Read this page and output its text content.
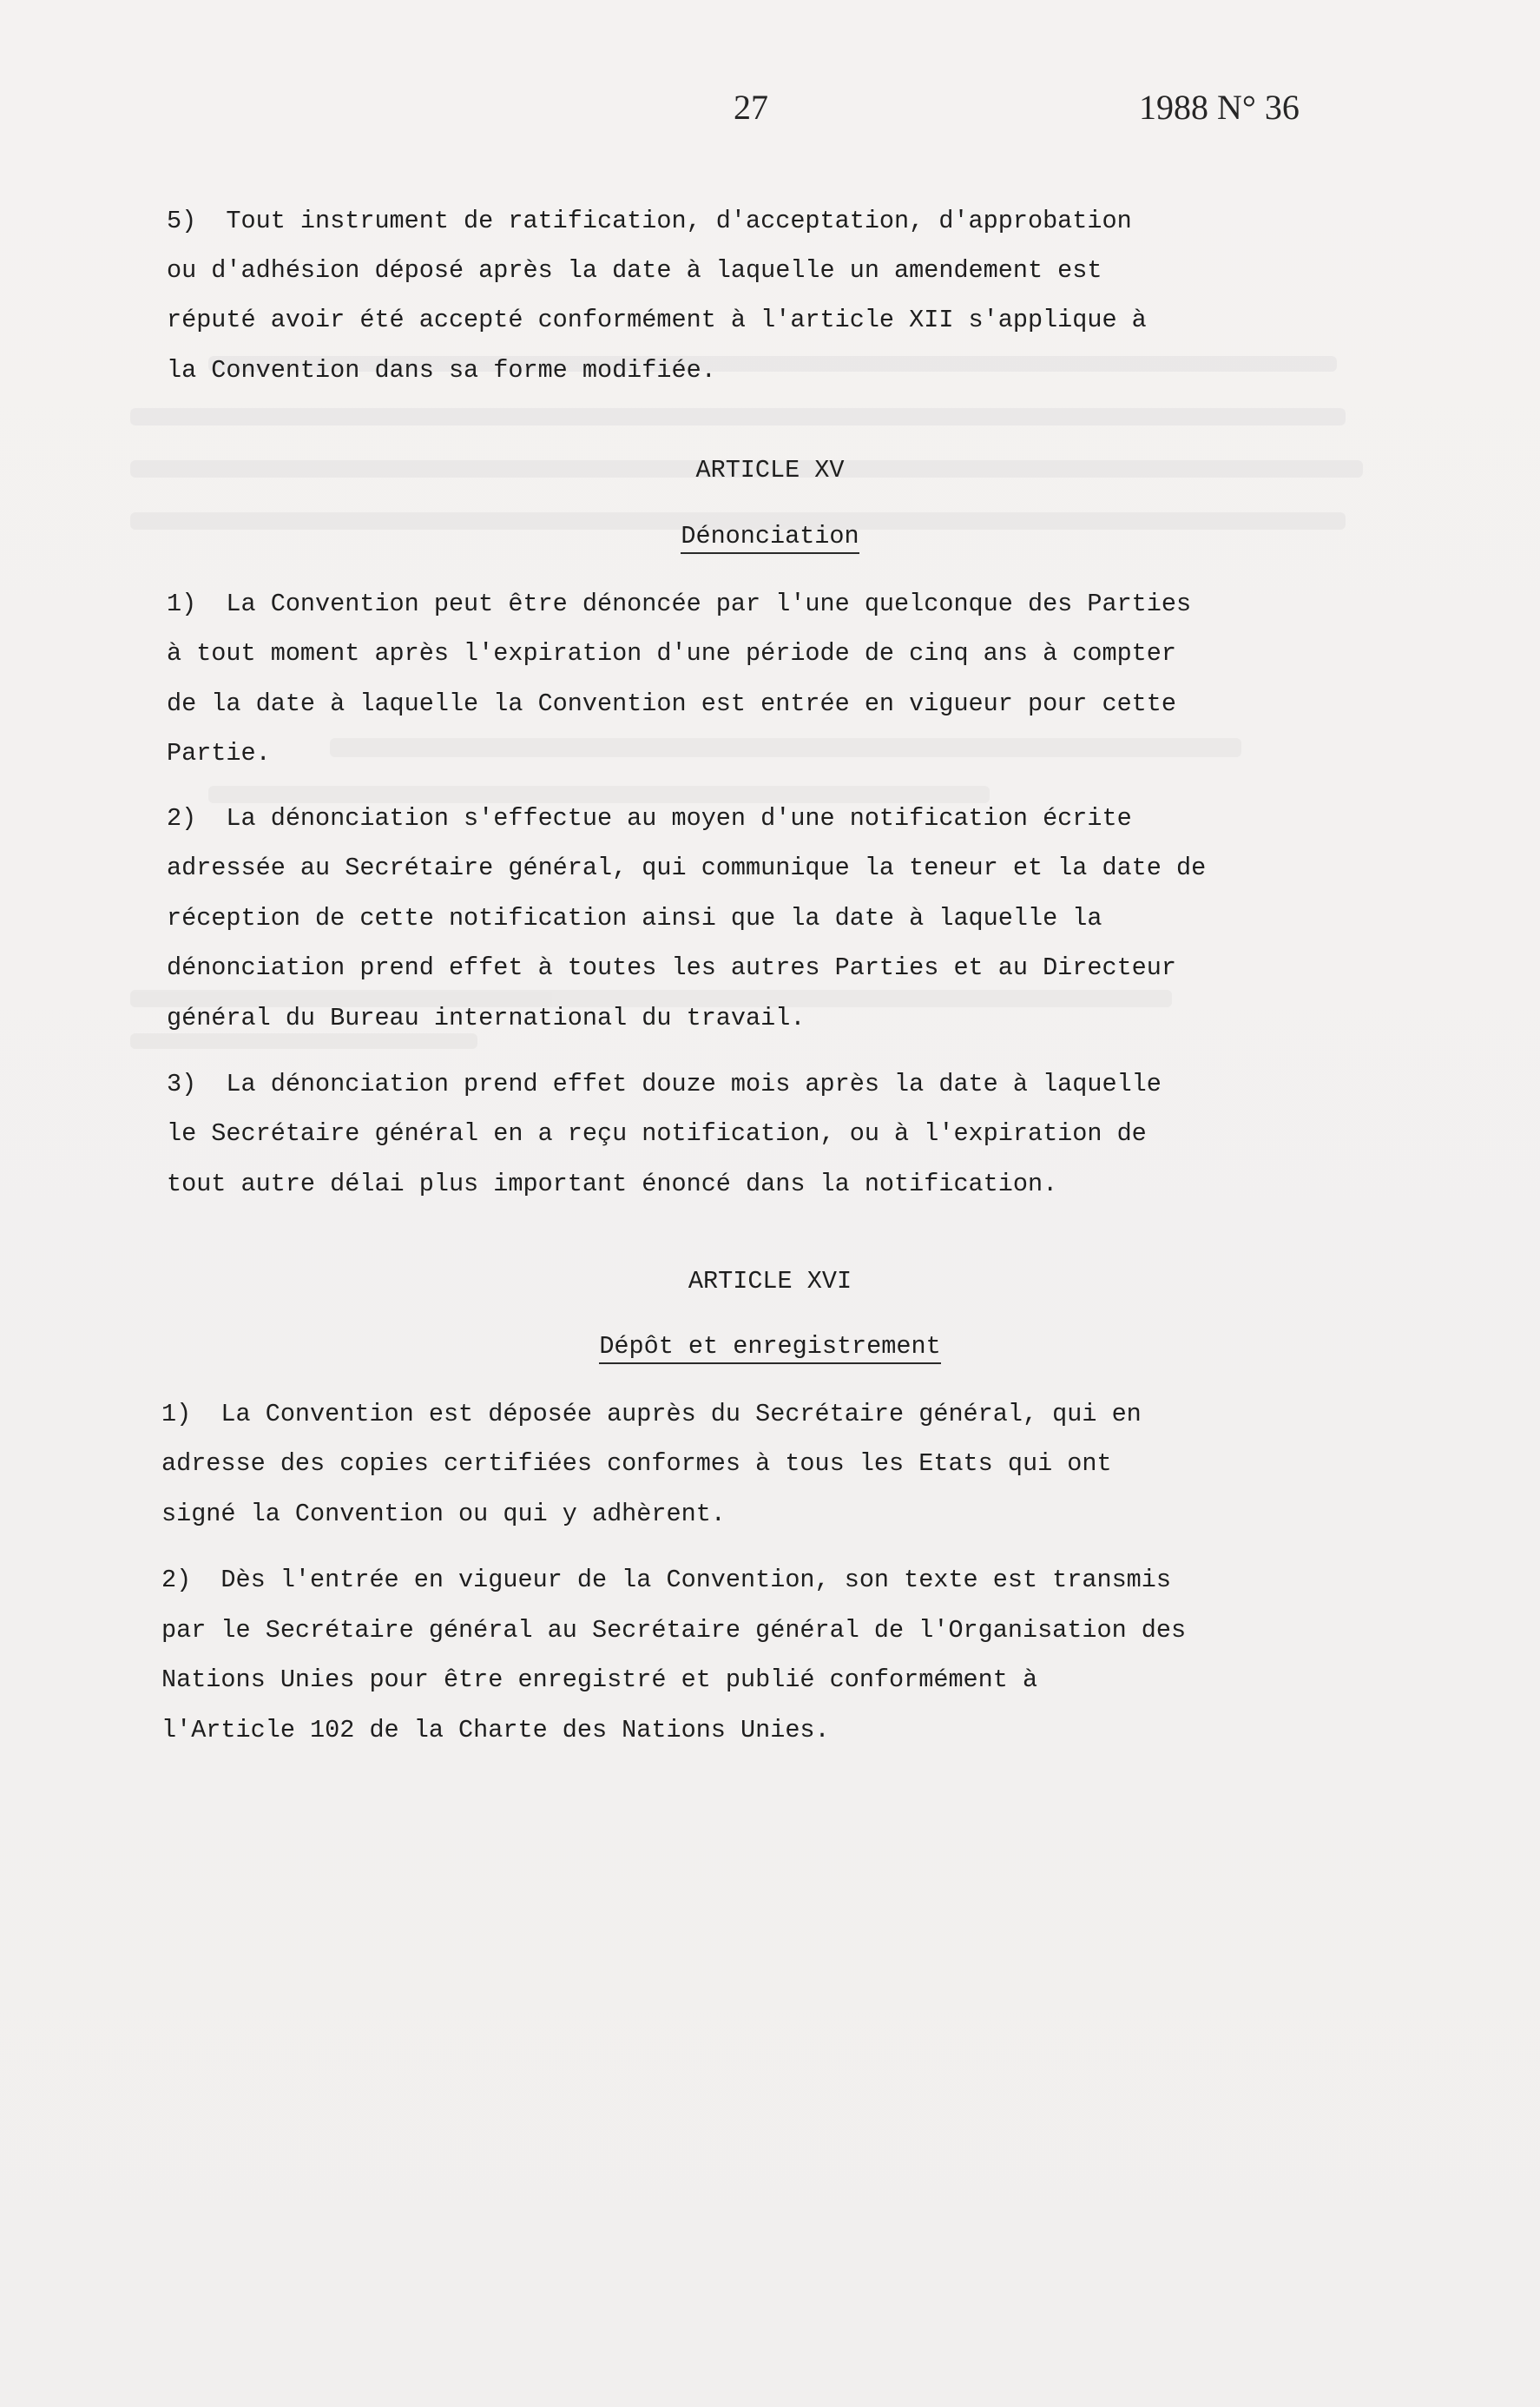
27	1988 N° 36
5)  Tout instrument de ratification, d'acceptation, d'approbation
ou d'adhésion déposé après la date à laquelle un amendement est
réputé avoir été accepté conformément à l'article XII s'applique à
la Convention dans sa forme modifiée.
ARTICLE XV
Dénonciation
1)  La Convention peut être dénoncée par l'une quelconque des Parties
à tout moment après l'expiration d'une période de cinq ans à compter
de la date à laquelle la Convention est entrée en vigueur pour cette
Partie.
2)  La dénonciation s'effectue au moyen d'une notification écrite
adressée au Secrétaire général, qui communique la teneur et la date de
réception de cette notification ainsi que la date à laquelle la
dénonciation prend effet à toutes les autres Parties et au Directeur
général du Bureau international du travail.
3)  La dénonciation prend effet douze mois après la date à laquelle
le Secrétaire général en a reçu notification, ou à l'expiration de
tout autre délai plus important énoncé dans la notification.
ARTICLE XVI
Dépôt et enregistrement
1)  La Convention est déposée auprès du Secrétaire général, qui en
adresse des copies certifiées conformes à tous les Etats qui ont
signé la Convention ou qui y adhèrent.
2)  Dès l'entrée en vigueur de la Convention, son texte est transmis
par le Secrétaire général au Secrétaire général de l'Organisation des
Nations Unies pour être enregistré et publié conformément à
l'Article 102 de la Charte des Nations Unies.
